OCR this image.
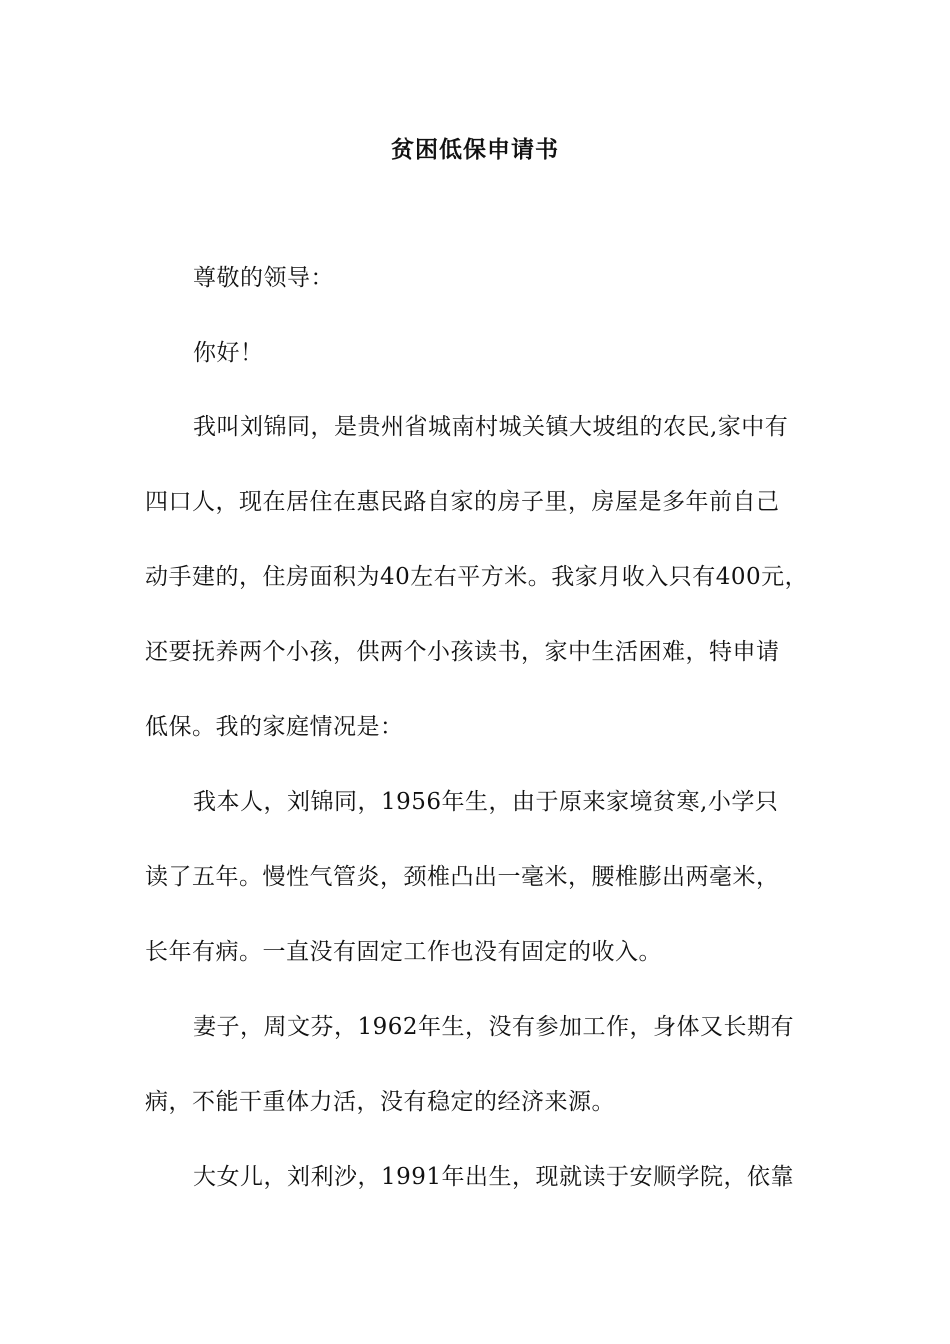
贫困低保申请书
尊敬的领导：
你好！
我叫刘锦同，是贵州省城南村城关镇大坡组的农民,家中有
四口人，现在居住在惠民路自家的房子里，房屋是多年前自己
动手建的，住房面积为40左右平方米。我家月收入只有400元，
还要抚养两个小孩，供两个小孩读书，家中生活困难，特申请
低保。我的家庭情况是：
我本人，刘锦同，1956年生，由于原来家境贫寒,小学只
读了五年。慢性气管炎，颈椎凸出一毫米，腰椎膨出两毫米，
长年有病。一直没有固定工作也没有固定的收入。
妻子，周文芬，1962年生，没有参加工作，身体又长期有
病，不能干重体力活，没有稳定的经济来源。
大女儿，刘利沙，1991年出生，现就读于安顺学院，依靠
